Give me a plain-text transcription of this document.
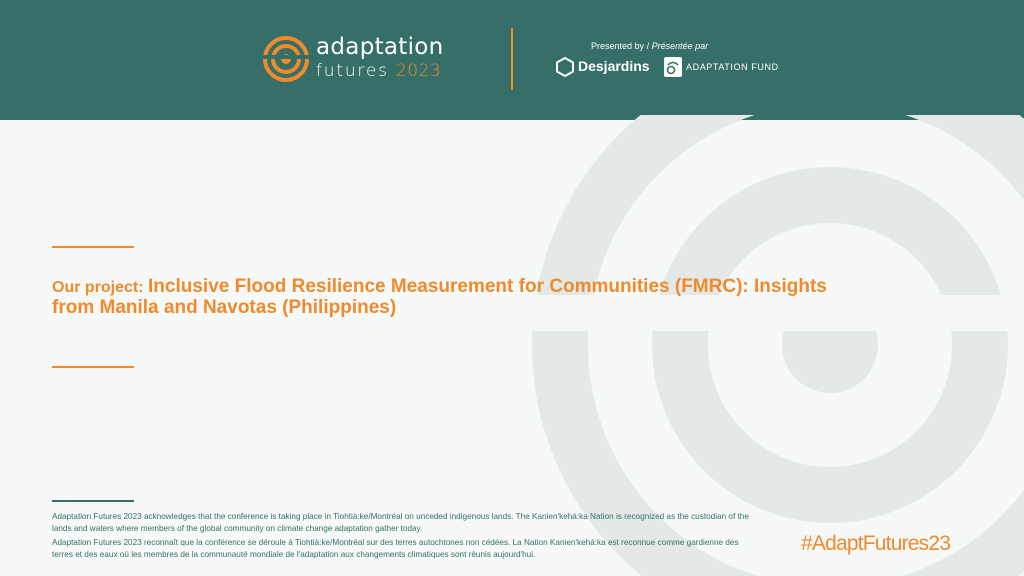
adaptation
futures 2023
Presented by / Présentée par
Desjardins	ADAPTATION FUND
Our project: Inclusive Flood Resilience Measurement for Communities (FMRC): Insights from Manila and Navotas (Philippines)
Adaptation Futures 2023 acknowledges that the conference is taking place in Tiohtià:ke/Montréal on unceded indigenous lands. The Kanien'kehá:ka Nation is recognized as the custodian of the lands and waters where members of the global community on climate change adaptation gather today.
Adaptation Futures 2023 reconnaît que la conférence se déroule à Tiohtià:ke/Montréal sur des terres autochtones non cédées. La Nation Kanien'kehá:ka est reconnue comme gardienne des terres et des eaux où les membres de la communauté mondiale de l'adaptation aux changements climatiques sont réunis aujourd'hui.	#AdaptFutures23
